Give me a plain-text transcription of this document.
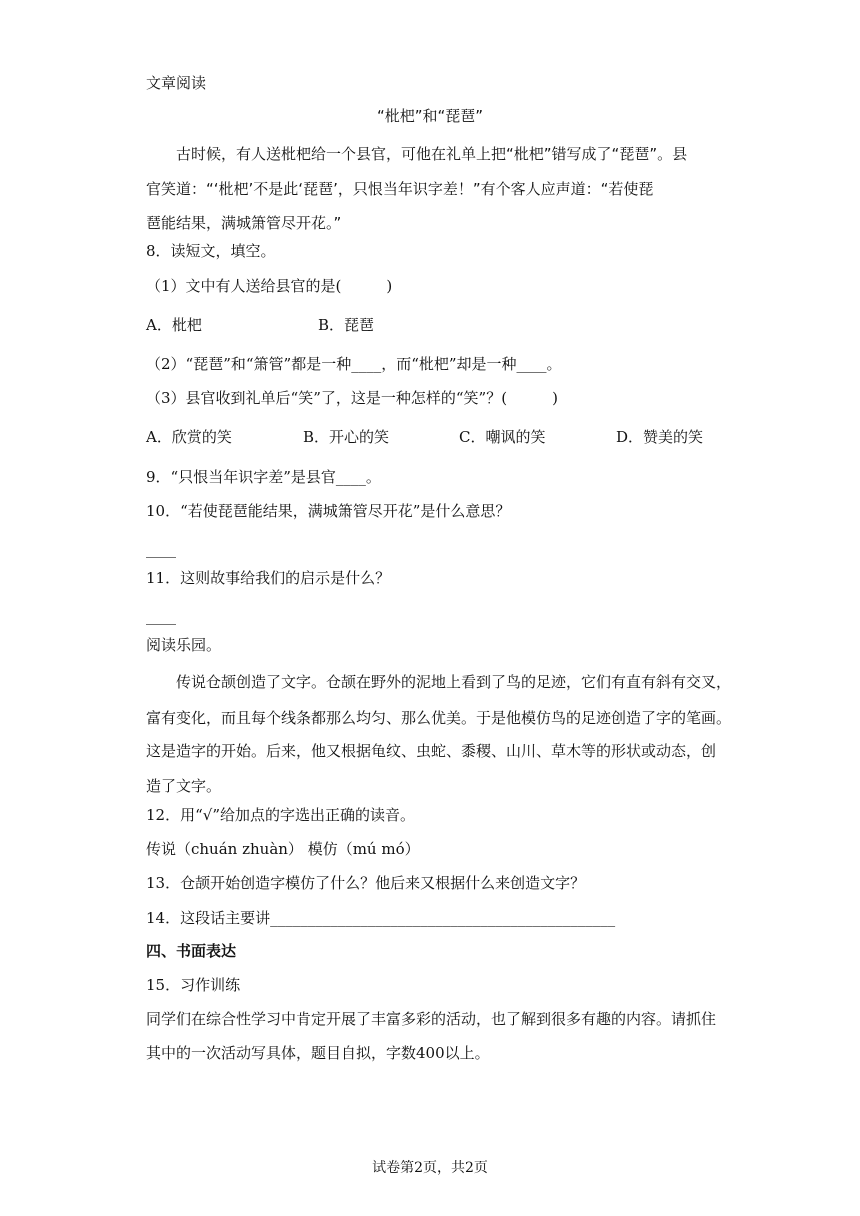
文章阅读
“枇杷”和“琵琶”
古时候，有人送枇杷给一个县官，可他在礼单上把“枇杷”错写成了“琵琶”。县
官笑道：“‘枇杷’不是此‘琵琶’，只恨当年识字差！”有个客人应声道：“若使琵
琶能结果，满城箫管尽开花。”
8．读短文，填空。
（1）文中有人送给县官的是(　　　)
A．枇杷	B．琵琶
（2）“琵琶”和“箫管”都是一种____，而“枇杷”却是一种____。
（3）县官收到礼单后“笑”了，这是一种怎样的“笑”？(　　　)
A．欣赏的笑	B．开心的笑	C．嘲讽的笑	D．赞美的笑
9．“只恨当年识字差”是县官____。
10．“若使琵琶能结果，满城箫管尽开花”是什么意思？
____
11．这则故事给我们的启示是什么？
____
阅读乐园。
传说仓颉创造了文字。仓颉在野外的泥地上看到了鸟的足迹，它们有直有斜有交叉，
富有变化，而且每个线条都那么均匀、那么优美。于是他模仿鸟的足迹创造了字的笔画。
这是造字的开始。后来，他又根据龟纹、虫蛇、黍稷、山川、草木等的形状或动态，创
造了文字。
12．用“√”给加点的字选出正确的读音。
传说（chuán zhuàn） 模仿（mú mó）
13．仓颉开始创造字模仿了什么？他后来又根据什么来创造文字？
14．这段话主要讲______________________________________________
四、书面表达
15．习作训练
同学们在综合性学习中肯定开展了丰富多彩的活动，也了解到很多有趣的内容。请抓住
其中的一次活动写具体，题目自拟，字数400以上。
试卷第2页，共2页
